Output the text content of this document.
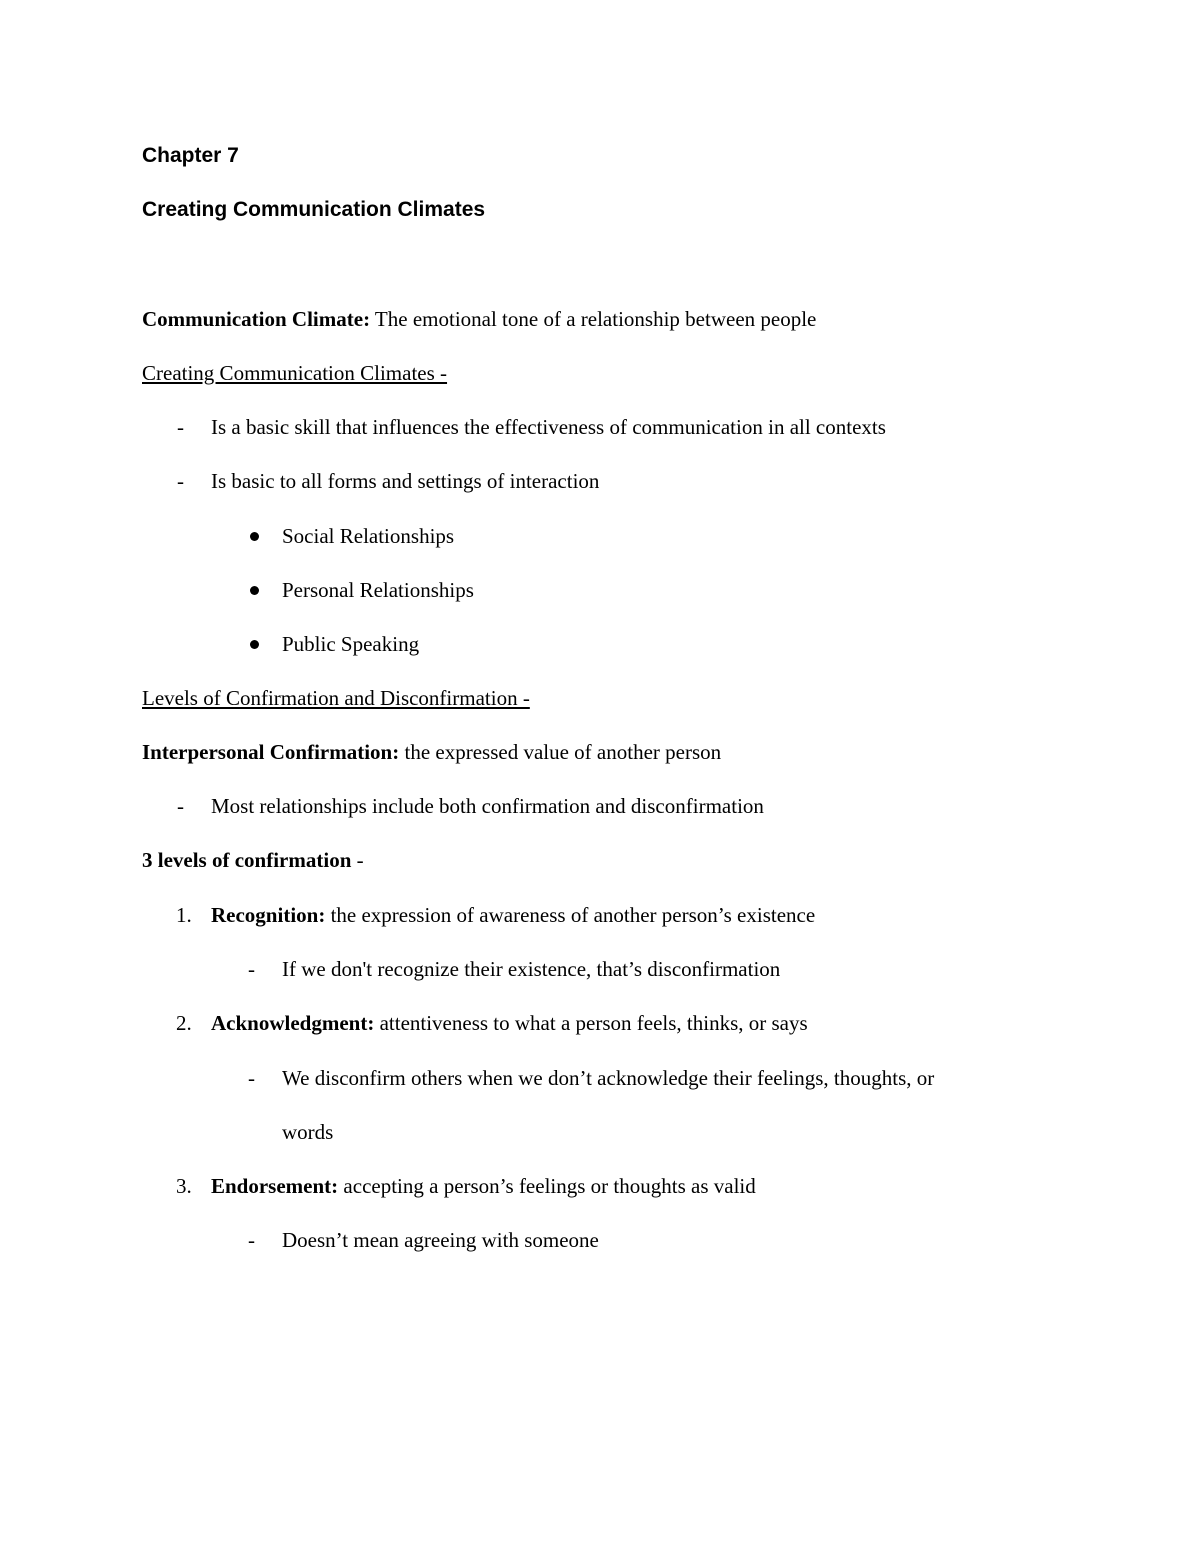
Chapter 7
Creating Communication Climates
Communication Climate: The emotional tone of a relationship between people
Creating Communication Climates -
- Is a basic skill that influences the effectiveness of communication in all contexts
- Is basic to all forms and settings of interaction
Social Relationships
Personal Relationships
Public Speaking
Levels of Confirmation and Disconfirmation -
Interpersonal Confirmation: the expressed value of another person
- Most relationships include both confirmation and disconfirmation
3 levels of confirmation -
1. Recognition: the expression of awareness of another person’s existence
- If we don't recognize their existence, that’s disconfirmation
2. Acknowledgment: attentiveness to what a person feels, thinks, or says
- We disconfirm others when we don’t acknowledge their feelings, thoughts, or
words
3. Endorsement: accepting a person’s feelings or thoughts as valid
- Doesn’t mean agreeing with someone
